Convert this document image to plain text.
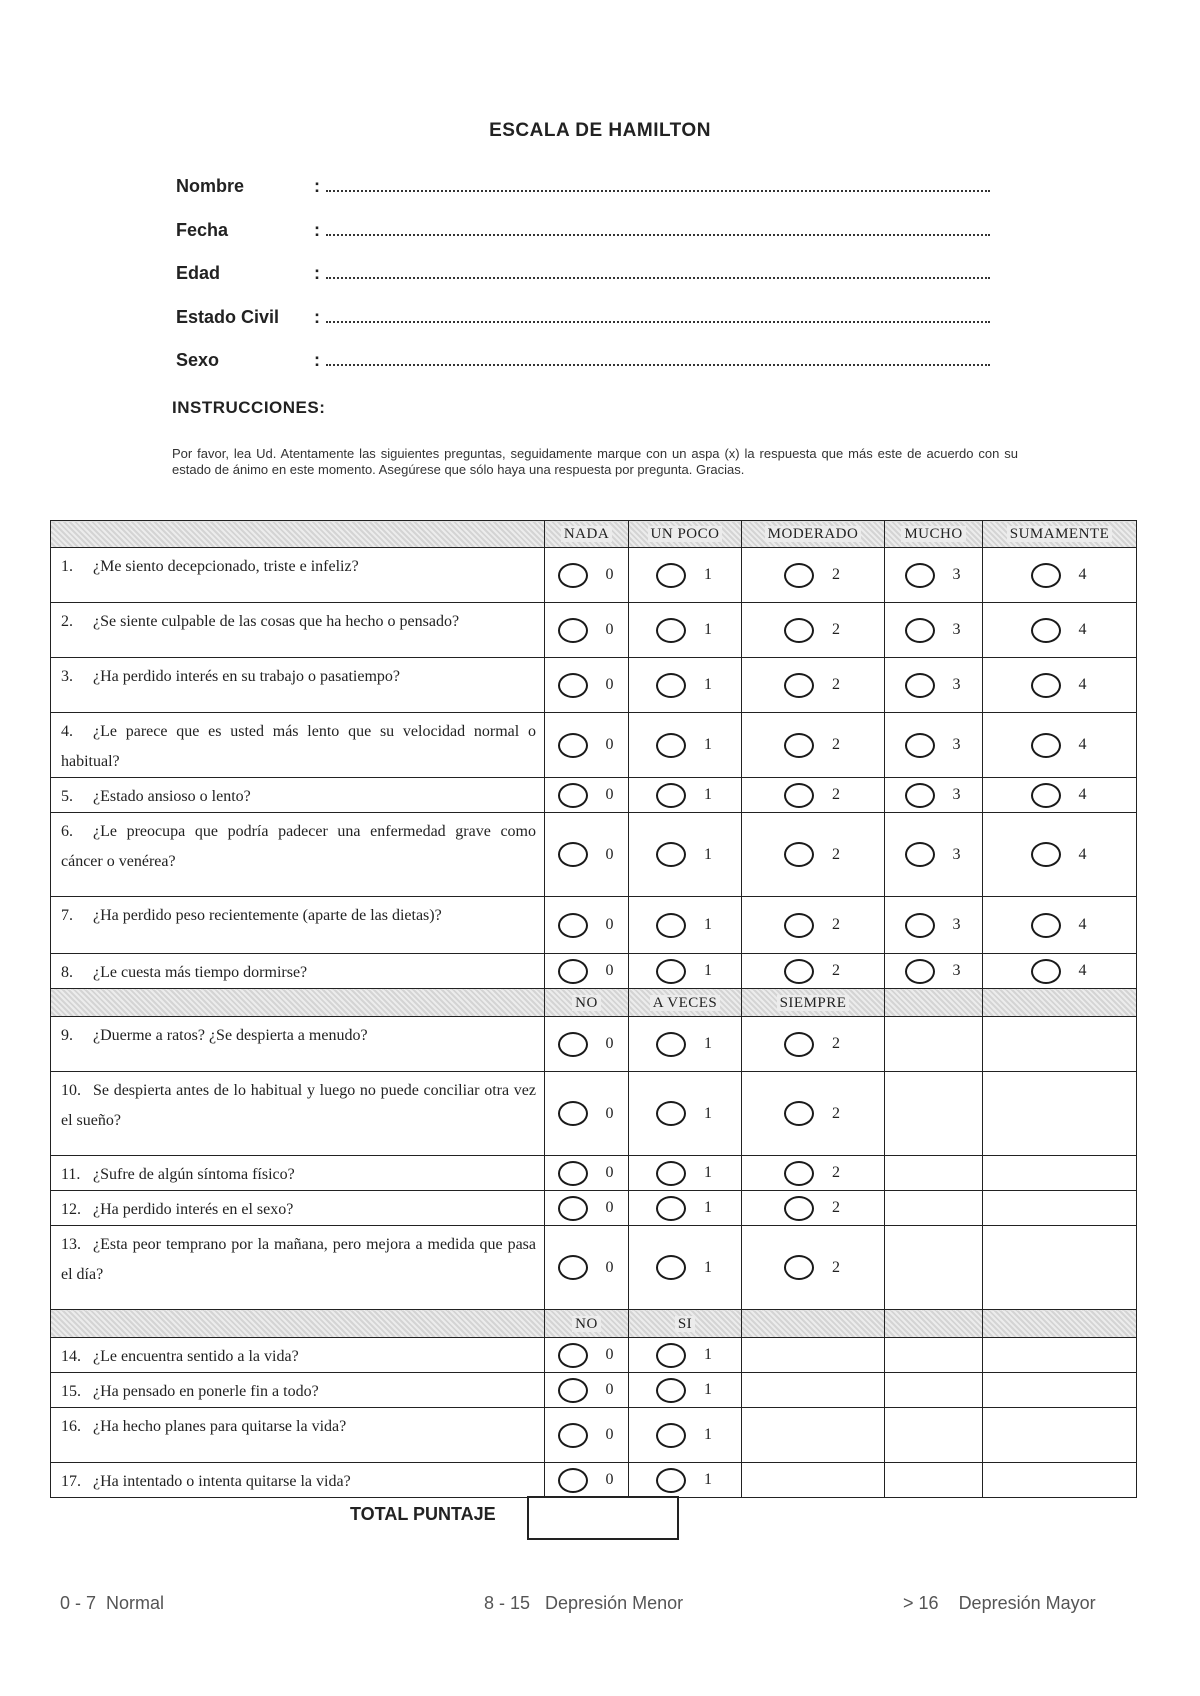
ESCALA DE HAMILTON
Nombre	:
Fecha	:
Edad	:
Estado Civil	:
Sexo	:
INSTRUCCIONES:
Por favor, lea Ud. Atentamente las siguientes preguntas, seguidamente marque con un aspa (x) la respuesta que más este de acuerdo con su estado de ánimo en este momento. Asegúrese que sólo haya una respuesta por pregunta. Gracias.

	NADA	UN POCO	MODERADO	MUCHO	SUMAMENTE

1. ¿Me siento decepcionado, triste e infeliz?	0	1	2	3	4

2. ¿Se siente culpable de las cosas que ha hecho o pensado?	0	1	2	3	4

3. ¿Ha perdido interés en su trabajo o pasatiempo?	0	1	2	3	4

4. ¿Le parece que es usted más lento que su velocidad normal o habitual?	0	1	2	3	4

5. ¿Estado ansioso o lento?	0	1	2	3	4

6. ¿Le preocupa que podría padecer una enfermedad grave como cáncer o venérea?	0	1	2	3	4

7. ¿Ha perdido peso recientemente (aparte de las dietas)?	0	1	2	3	4

8. ¿Le cuesta más tiempo dormirse?	0	1	2	3	4

	NO	A VECES	SIEMPRE		

9. ¿Duerme a ratos? ¿Se despierta a menudo?	0	1	2		

10. Se despierta antes de lo habitual y luego no puede conciliar otra vez el sueño?	0	1	2		

11. ¿Sufre de algún síntoma físico?	0	1	2		

12. ¿Ha perdido interés en el sexo?	0	1	2		

13. ¿Esta peor temprano por la mañana, pero mejora a medida que pasa el día?	0	1	2		

	NO	SI			

14. ¿Le encuentra sentido a la vida?	0	1			

15. ¿Ha pensado en ponerle fin a todo?	0	1			

16. ¿Ha hecho planes para quitarse la vida?	0	1			

17. ¿Ha intentado o intenta quitarse la vida?	0	1			

TOTAL PUNTAJE
0 - 7 Normal	8 - 15 Depresión Menor	> 16 Depresión Mayor
